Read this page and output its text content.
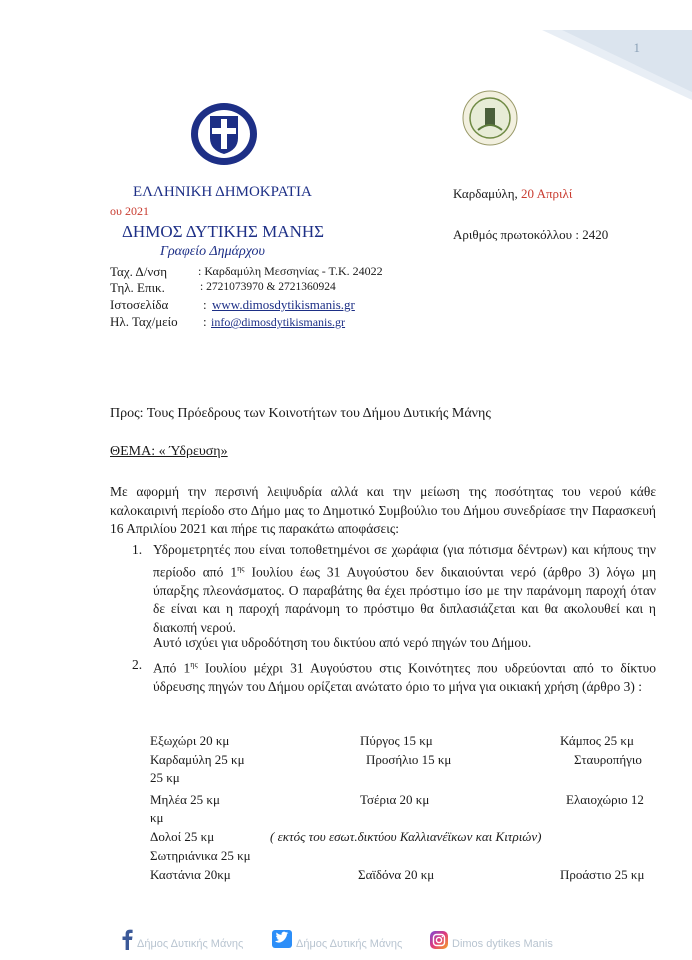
1
ΕΛΛΗΝΙΚΗ ΔΗΜΟΚΡΑΤΙΑ	Καρδαμύλη, 20 Απριλί
ου 2021
ΔΗΜΟΣ ΔΥΤΙΚΗΣ ΜΑΝΗΣ	Αριθμός πρωτοκόλλου : 2420
Γραφείο Δημάρχου
Ταχ. Δ/νση	: Καρδαμύλη Μεσσηνίας - Τ.Κ. 24022
Τηλ. Επικ.	: 2721073970 & 2721360924
Ιστοσελίδα	: www.dimosdytikismanis.gr
Ηλ. Ταχ/μείο : info@dimosdytikismanis.gr
Προς: Τους Πρόεδρους των Κοινοτήτων του Δήμου Δυτικής Μάνης
ΘΕΜΑ: « Ύδρευση»
Με αφορμή την περσινή λειψυδρία αλλά και την μείωση της ποσότητας του νερού κάθε καλοκαιρινή περίοδο στο Δήμο μας το Δημοτικό Συμβούλιο του Δήμου συνεδρίασε την Παρασκευή 16 Απριλίου 2021 και πήρε τις παρακάτω αποφάσεις:
1. Υδρομετρητές που είναι τοποθετημένοι σε χωράφια (για πότισμα δέντρων) και κήπους την περίοδο από $1^{\eta\varsigma}$ Ιουλίου έως 31 Αυγούστου δεν δικαιούνται νερό (άρθρο 3) λόγω μη ύπαρξης πλεονάσματος. Ο παραβάτης θα έχει πρόστιμο ίσο με την παράνομη παροχή όταν δε είναι και η παροχή παράνομη το πρόστιμο θα διπλασιάζεται και θα ακολουθεί και η διακοπή νερού.
Αυτό ισχύει για υδροδότηση του δικτύου από νερό πηγών του Δήμου.
2. Από $1^{\eta\varsigma}$ Ιουλίου μέχρι 31 Αυγούστου στις Κοινότητες που υδρεύονται από το δίκτυο ύδρευσης πηγών του Δήμου ορίζεται ανώτατο όριο το μήνα για οικιακή χρήση (άρθρο 3) :
Εξωχώρι 20 κμ	Πύργος 15 κμ	Κάμπος 25 κμ
Καρδαμύλη 25 κμ	Προσήλιο 15 κμ	Σταυροπήγιο
25 κμ
Μηλέα 25 κμ	Τσέρια 20 κμ	Ελαιοχώριο 12
κμ
Δολοί 25 κμ	( εκτός του εσωτ.δικτύου Καλλιανέϊκων και Κιτριών)
Σωτηριάνικα 25 κμ
Καστάνια 20κμ	Σαϊδόνα 20 κμ	Προάστιο 25 κμ
Δήμος Δυτικής Μάνης	Δήμος Δυτικής Μάνης	Dimos dytikes Manis
